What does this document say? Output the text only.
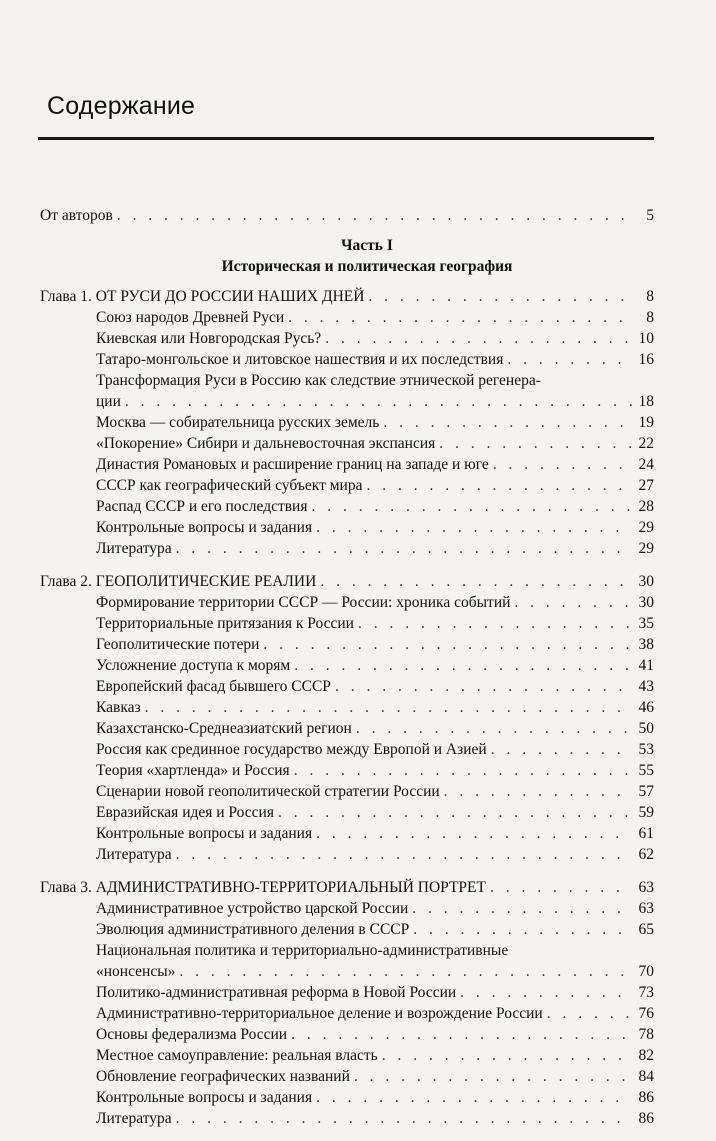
Содержание
От авторов . . .	5
Часть I
Историческая и политическая география
Глава 1. ОТ РУСИ ДО РОССИИ НАШИХ ДНЕЙ . . .	8
Союз народов Древней Руси . . .	8
Киевская или Новгородская Русь? . . .	10
Татаро-монгольское и литовское нашествия и их последствия . . .	16
Трансформация Руси в Россию как следствие этнической регенера-
ции . . .	18
Москва — собирательница русских земель . . .	19
«Покорение» Сибири и дальневосточная экспансия . . .	22
Династия Романовых и расширение границ на западе и юге . . .	24
СССР как географический субъект мира . . .	27
Распад СССР и его последствия . . .	28
Контрольные вопросы и задания . . .	29
Литература . . .	29
Глава 2. ГЕОПОЛИТИЧЕСКИЕ РЕАЛИИ . . .	30
Формирование территории СССР — России: хроника событий . . .	30
Территориальные притязания к России . . .	35
Геополитические потери . . .	38
Усложнение доступа к морям . . .	41
Европейский фасад бывшего СССР . . .	43
Кавказ . . .	46
Казахстанско-Среднеазиатский регион . . .	50
Россия как срединное государство между Европой и Азией . . .	53
Теория «хартленда» и Россия . . .	55
Сценарии новой геополитической стратегии России . . .	57
Евразийская идея и Россия . . .	59
Контрольные вопросы и задания . . .	61
Литература . . .	62
Глава 3. АДМИНИСТРАТИВНО-ТЕРРИТОРИАЛЬНЫЙ ПОРТРЕТ . . .	63
Административное устройство царской России . . .	63
Эволюция административного деления в СССР . . .	65
Национальная политика и территориально-административные
«нонсенсы» . . .	70
Политико-административная реформа в Новой России . . .	73
Административно-территориальное деление и возрождение России . . .	76
Основы федерализма России . . .	78
Местное самоуправление: реальная власть . . .	82
Обновление географических названий . . .	84
Контрольные вопросы и задания . . .	86
Литература . . .	86
